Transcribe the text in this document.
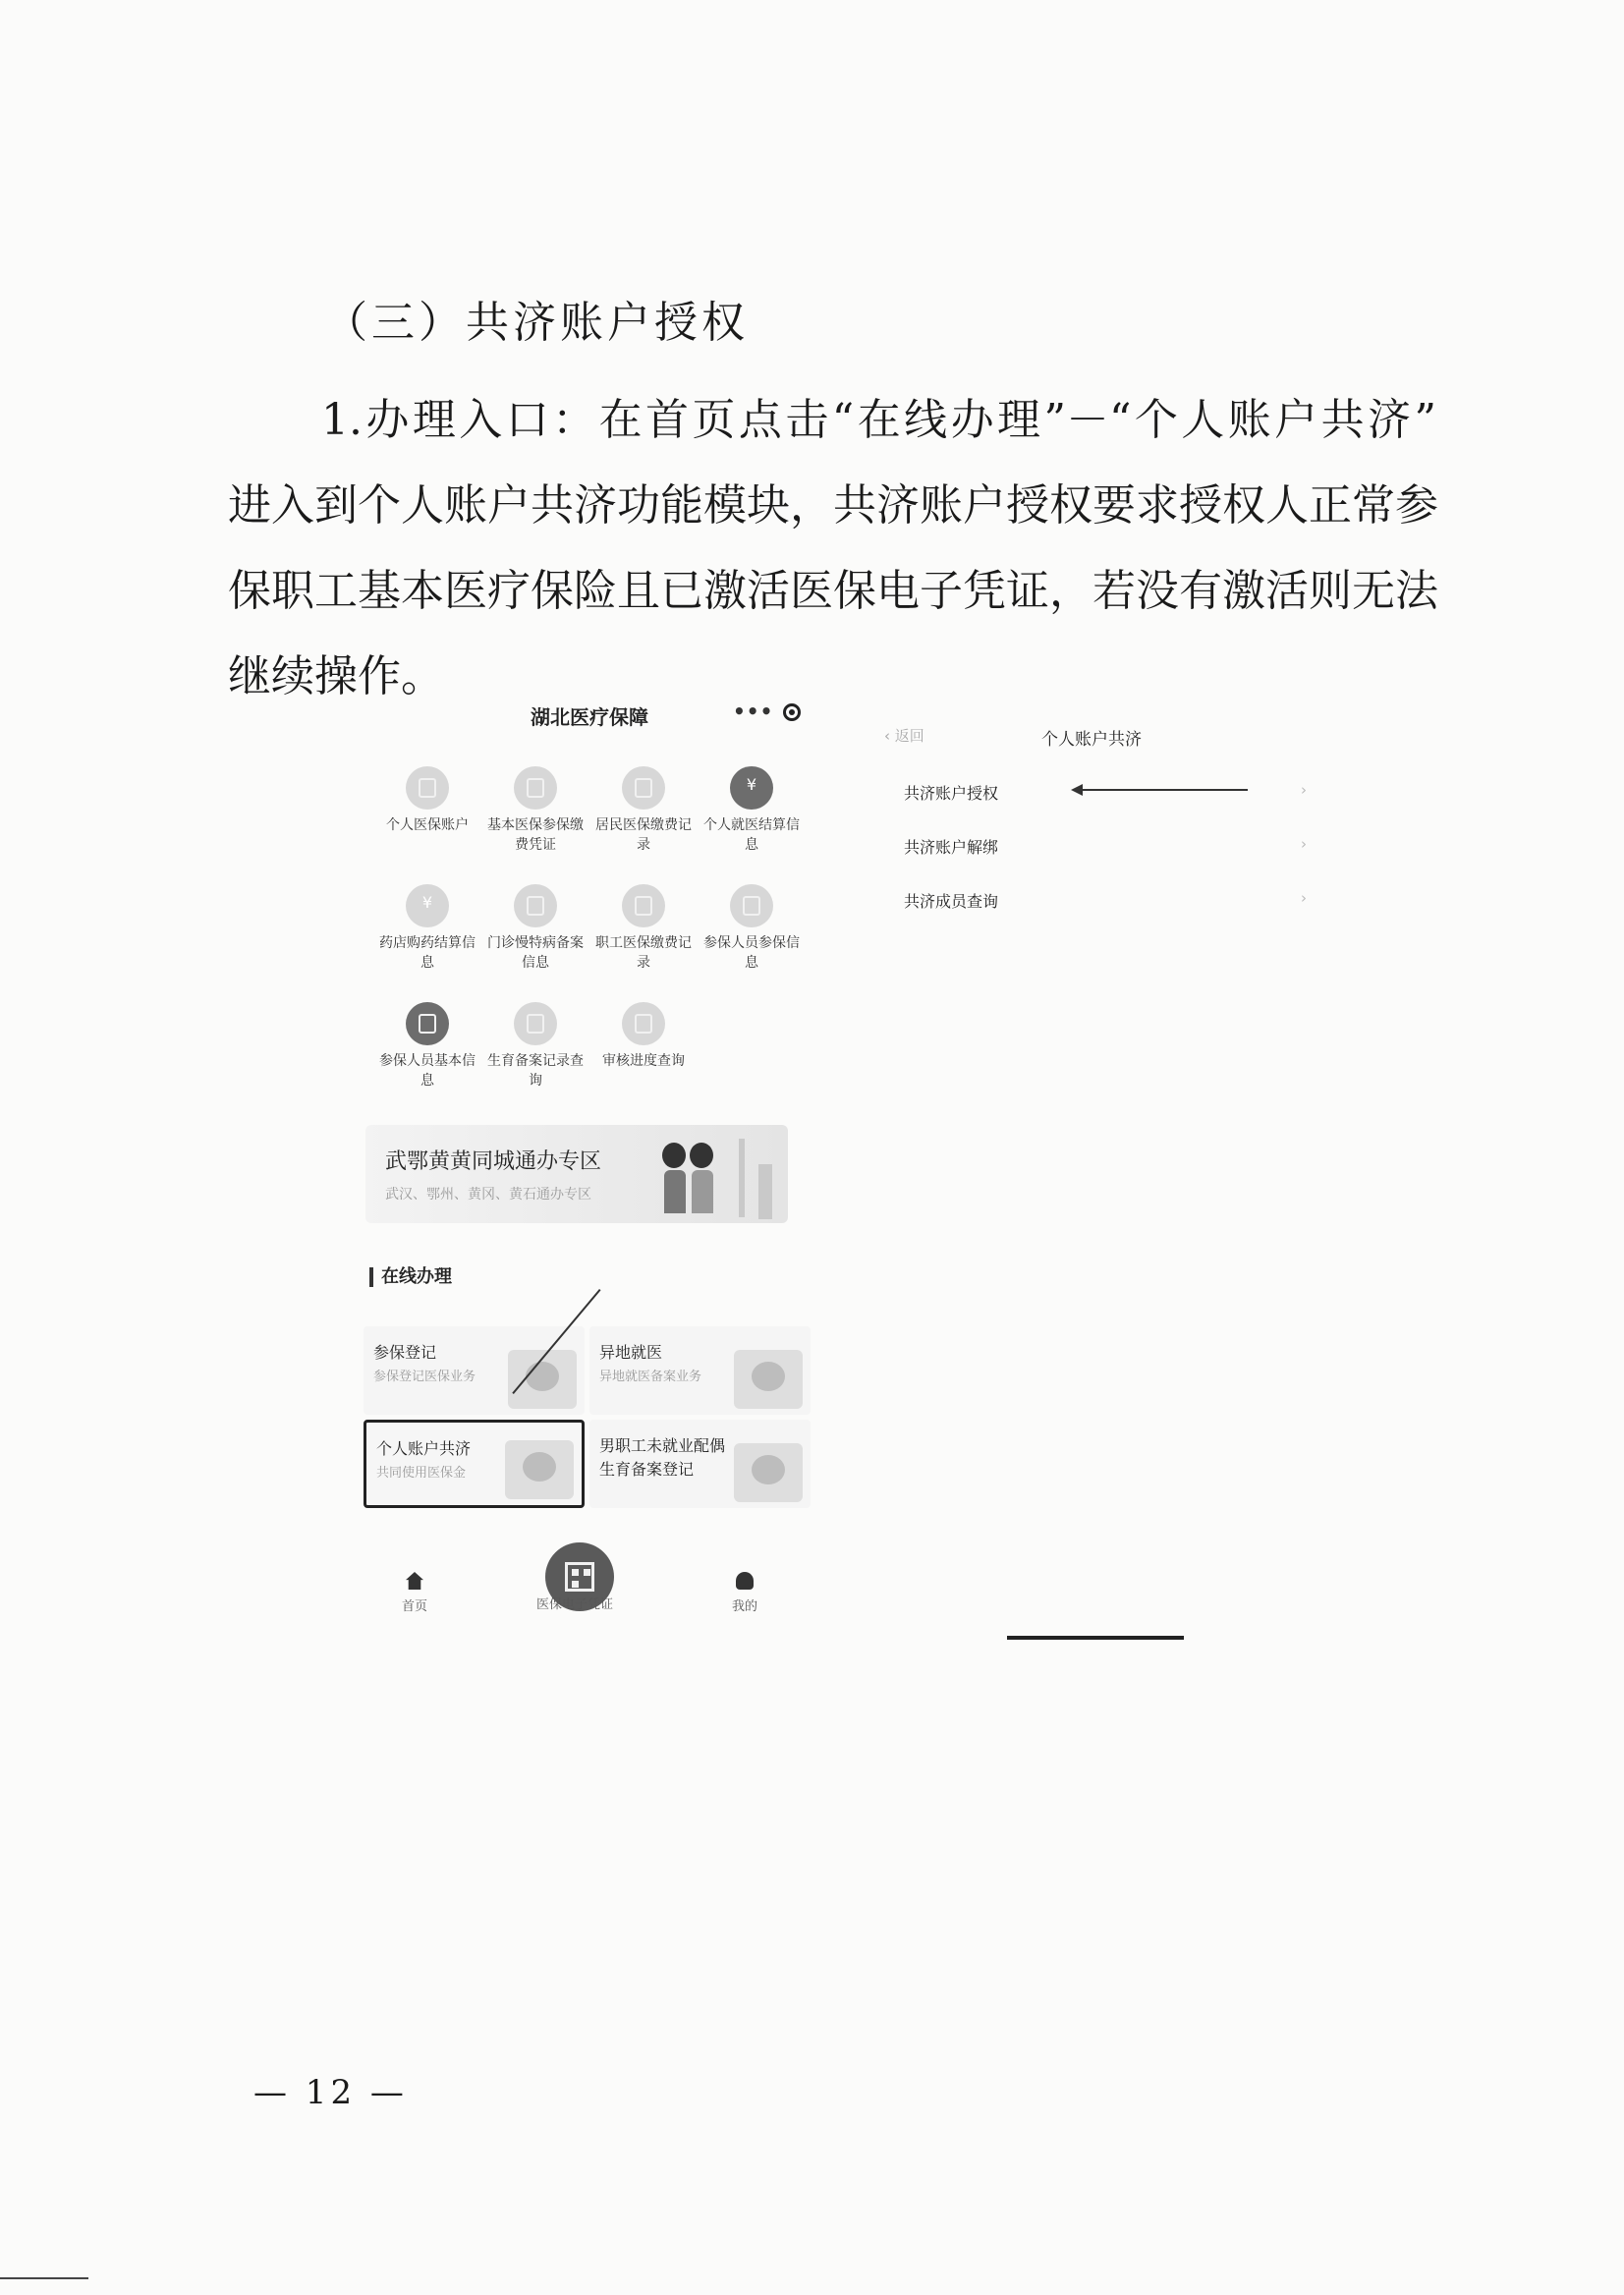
（三）共济账户授权
1.办理入口：在首页点击“在线办理”－“个人账户共济”
进入到个人账户共济功能模块，共济账户授权要求授权人正常参
保职工基本医疗保险且已激活医保电子凭证，若没有激活则无法
继续操作。
湖北医疗保障	•••
个人医保账户	基本医保参保缴费凭证
居民医保缴费记录
¥
个人就医结算信息
¥
药店购药结算信息
门诊慢特病备案信息
职工医保缴费记录
参保人员参保信息
参保人员基本信息
生育备案记录查询
审核进度查询
武鄂黄黄同城通办专区
武汉、鄂州、黄冈、黄石通办专区
在线办理
参保登记
参保登记医保业务
异地就医
异地就医备案业务
个人账户共济
共同使用医保金
男职工未就业配偶
生育备案登记
首页	医保电子凭证	我的
‹ 返回	个人账户共济
共济账户授权	›
共济账户解绑	›
共济成员查询	›
— 12 —
